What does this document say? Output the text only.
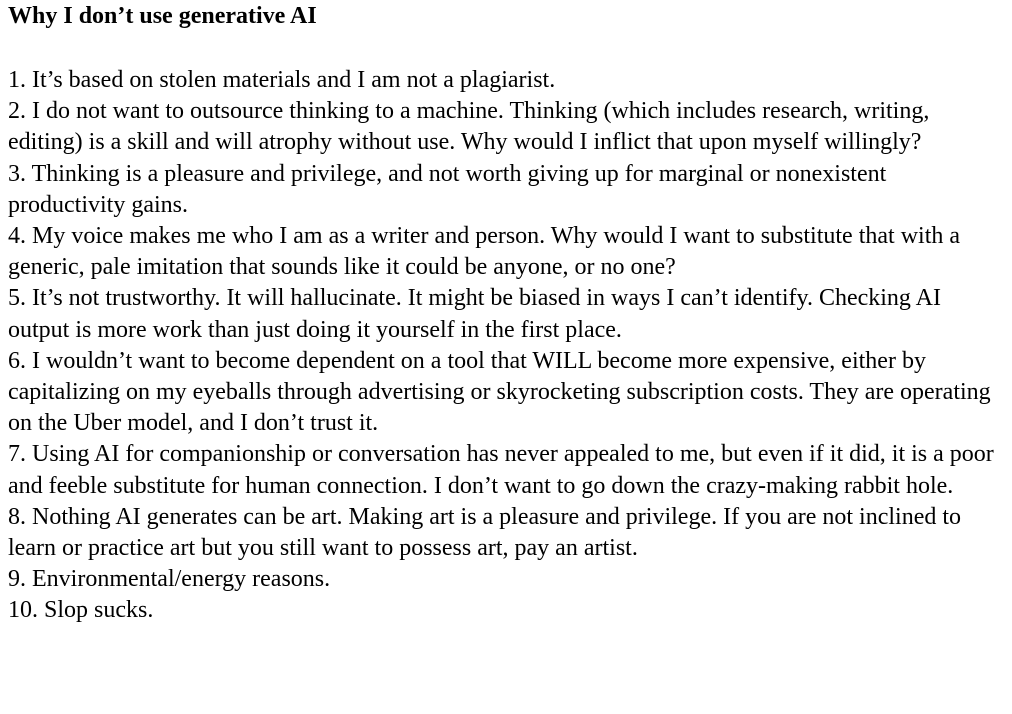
Why I don’t use generative AI
1. It’s based on stolen materials and I am not a plagiarist.
2. I do not want to outsource thinking to a machine. Thinking (which includes research, writing, editing) is a skill and will atrophy without use. Why would I inflict that upon myself willingly?
3. Thinking is a pleasure and privilege, and not worth giving up for marginal or nonexistent productivity gains.
4. My voice makes me who I am as a writer and person. Why would I want to substitute that with a generic, pale imitation that sounds like it could be anyone, or no one?
5. It’s not trustworthy. It will hallucinate. It might be biased in ways I can’t identify. Checking AI output is more work than just doing it yourself in the first place.
6. I wouldn’t want to become dependent on a tool that WILL become more expensive, either by capitalizing on my eyeballs through advertising or skyrocketing subscription costs. They are operating on the Uber model, and I don’t trust it.
7. Using AI for companionship or conversation has never appealed to me, but even if it did, it is a poor and feeble substitute for human connection. I don’t want to go down the crazy-making rabbit hole.
8. Nothing AI generates can be art. Making art is a pleasure and privilege. If you are not inclined to learn or practice art but you still want to possess art, pay an artist.
9. Environmental/energy reasons.
10. Slop sucks.
